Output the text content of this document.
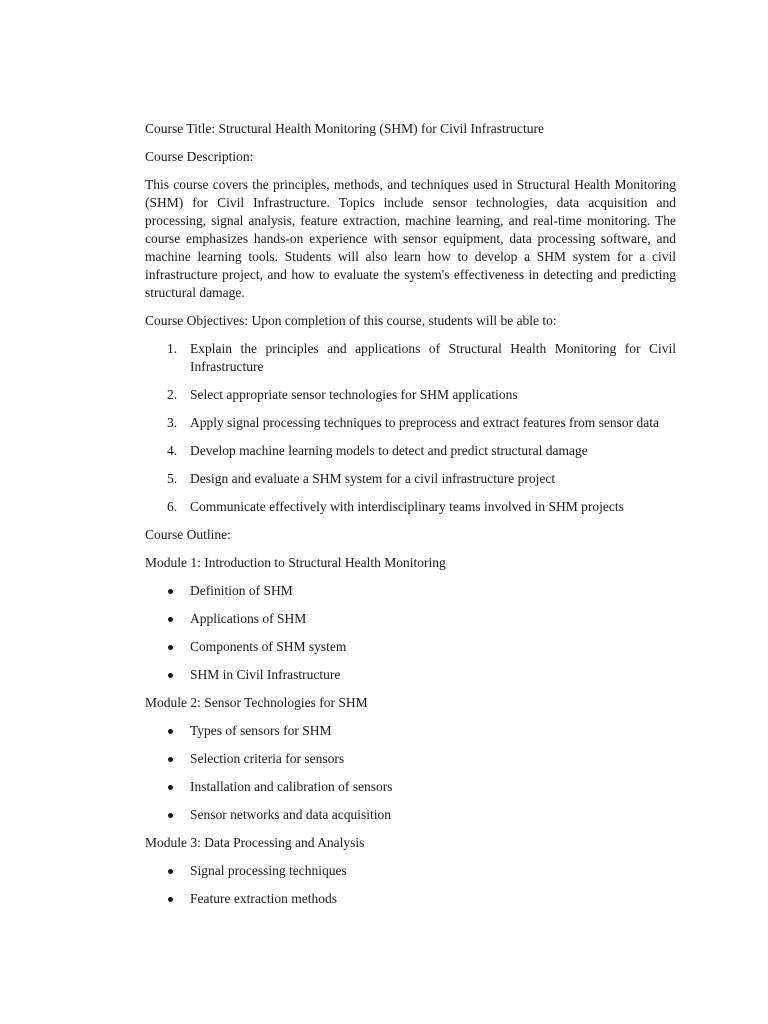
Course Title: Structural Health Monitoring (SHM) for Civil Infrastructure

Course Description:

This course covers the principles, methods, and techniques used in Structural Health Monitoring (SHM) for Civil Infrastructure. Topics include sensor technologies, data acquisition and processing, signal analysis, feature extraction, machine learning, and real-time monitoring. The course emphasizes hands-on experience with sensor equipment, data processing software, and machine learning tools. Students will also learn how to develop a SHM system for a civil infrastructure project, and how to evaluate the system's effectiveness in detecting and predicting structural damage.

Course Objectives: Upon completion of this course, students will be able to:

1. Explain the principles and applications of Structural Health Monitoring for Civil Infrastructure
2. Select appropriate sensor technologies for SHM applications
3. Apply signal processing techniques to preprocess and extract features from sensor data
4. Develop machine learning models to detect and predict structural damage
5. Design and evaluate a SHM system for a civil infrastructure project
6. Communicate effectively with interdisciplinary teams involved in SHM projects

Course Outline:

Module 1: Introduction to Structural Health Monitoring

Definition of SHM
Applications of SHM
Components of SHM system
SHM in Civil Infrastructure

Module 2: Sensor Technologies for SHM

Types of sensors for SHM
Selection criteria for sensors
Installation and calibration of sensors
Sensor networks and data acquisition

Module 3: Data Processing and Analysis

Signal processing techniques
Feature extraction methods
